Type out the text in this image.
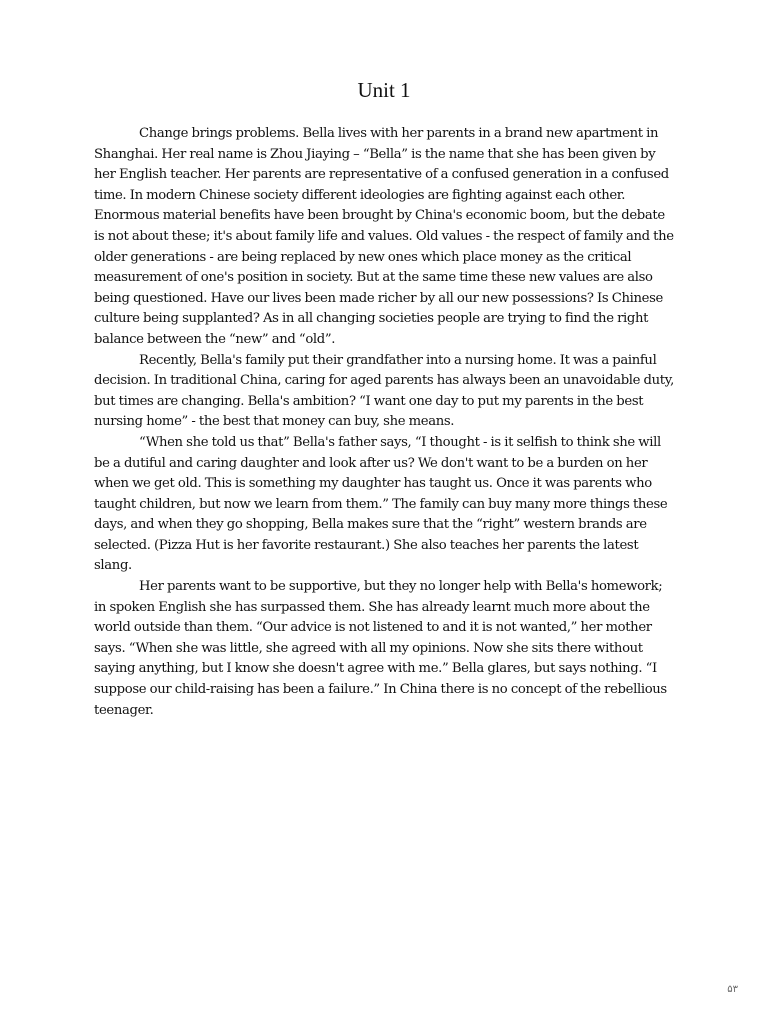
Unit 1

Change brings problems. Bella lives with her parents in a brand new apartment in Shanghai. Her real name is Zhou Jiaying – “Bella” is the name that she has been given by her English teacher. Her parents are representative of a confused generation in a confused time. In modern Chinese society different ideologies are fighting against each other. Enormous material benefits have been brought by China's economic boom, but the debate is not about these; it's about family life and values. Old values - the respect of family and the older generations - are being replaced by new ones which place money as the critical measurement of one's position in society. But at the same time these new values are also being questioned. Have our lives been made richer by all our new possessions? Is Chinese culture being supplanted? As in all changing societies people are trying to find the right balance between the “new” and “old”.

Recently, Bella's family put their grandfather into a nursing home. It was a painful decision. In traditional China, caring for aged parents has always been an unavoidable duty, but times are changing. Bella's ambition? “I want one day to put my parents in the best nursing home” - the best that money can buy, she means.

“When she told us that” Bella's father says, “I thought - is it selfish to think she will be a dutiful and caring daughter and look after us? We don't want to be a burden on her when we get old. This is something my daughter has taught us. Once it was parents who taught children, but now we learn from them.” The family can buy many more things these days, and when they go shopping, Bella makes sure that the “right” western brands are selected. (Pizza Hut is her favorite restaurant.) She also teaches her parents the latest slang.

Her parents want to be supportive, but they no longer help with Bella's homework; in spoken English she has surpassed them. She has already learnt much more about the world outside than them. “Our advice is not listened to and it is not wanted,” her mother says. “When she was little, she agreed with all my opinions. Now she sits there without saying anything, but I know she doesn't agree with me.” Bella glares, but says nothing. “I suppose our child-raising has been a failure.” In China there is no concept of the rebellious teenager.

۵۳
